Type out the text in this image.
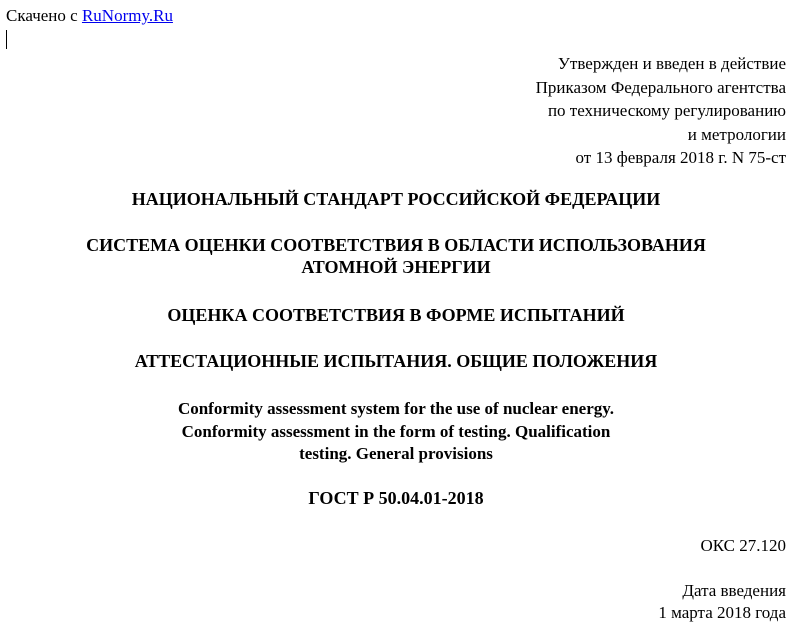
Скачено с RuNormy.Ru
Утвержден и введен в действие
Приказом Федерального агентства
по техническому регулированию
и метрологии
от 13 февраля 2018 г. N 75-ст
НАЦИОНАЛЬНЫЙ СТАНДАРТ РОССИЙСКОЙ ФЕДЕРАЦИИ
СИСТЕМА ОЦЕНКИ СООТВЕТСТВИЯ В ОБЛАСТИ ИСПОЛЬЗОВАНИЯ
АТОМНОЙ ЭНЕРГИИ
ОЦЕНКА СООТВЕТСТВИЯ В ФОРМЕ ИСПЫТАНИЙ
АТТЕСТАЦИОННЫЕ ИСПЫТАНИЯ. ОБЩИЕ ПОЛОЖЕНИЯ
Conformity assessment system for the use of nuclear energy.
Conformity assessment in the form of testing. Qualification
testing. General provisions
ГОСТ Р 50.04.01-2018
ОКС 27.120
Дата введения
1 марта 2018 года
